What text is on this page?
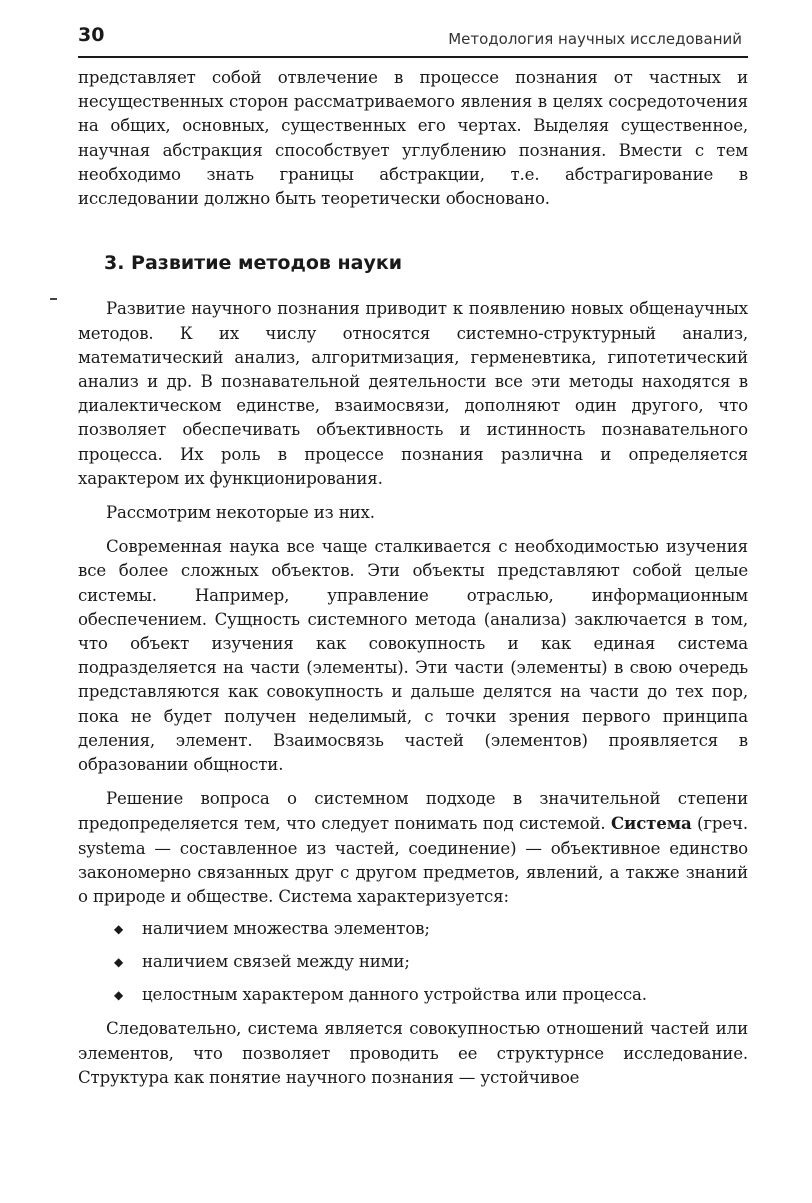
30	Методология научных исследований

представляет собой отвлечение в процессе познания от частных и несущественных сторон рассматриваемого явления в целях сосредоточения на общих, основных, существенных его чертах. Выделяя существенное, научная абстракция способствует углублению познания. Вмести с тем необходимо знать границы абстракции, т.е. абстрагирование в исследовании должно быть теоретически обосновано.

3. Развитие методов науки

Развитие научного познания приводит к появлению новых общенаучных методов. К их числу относятся системно-структурный анализ, математический анализ, алгоритмизация, герменевтика, гипотетический анализ и др. В познавательной деятельности все эти методы находятся в диалектическом единстве, взаимосвязи, дополняют один другого, что позволяет обеспечивать объективность и истинность познавательного процесса. Их роль в процессе познания различна и определяется характером их функционирования.

Рассмотрим некоторые из них.

Современная наука все чаще сталкивается с необходимостью изучения все более сложных объектов. Эти объекты представляют собой целые системы. Например, управление отраслью, информационным обеспечением. Сущность системного метода (анализа) заключается в том, что объект изучения как совокупность и как единая система подразделяется на части (элементы). Эти части (элементы) в свою очередь представляются как совокупность и дальше делятся на части до тех пор, пока не будет получен неделимый, с точки зрения первого принципа деления, элемент. Взаимосвязь частей (элементов) проявляется в образовании общности.

Решение вопроса о системном подходе в значительной степени предопределяется тем, что следует понимать под системой. Система (греч. systema — составленное из частей, соединение) — объективное единство закономерно связанных друг с другом предметов, явлений, а также знаний о природе и обществе. Система характеризуется:

◆ наличием множества элементов;
◆ наличием связей между ними;
◆ целостным характером данного устройства или процесса.

Следовательно, система является совокупностью отношений частей или элементов, что позволяет проводить ее структурнсе исследование. Структура как понятие научного познания — устойчивое
